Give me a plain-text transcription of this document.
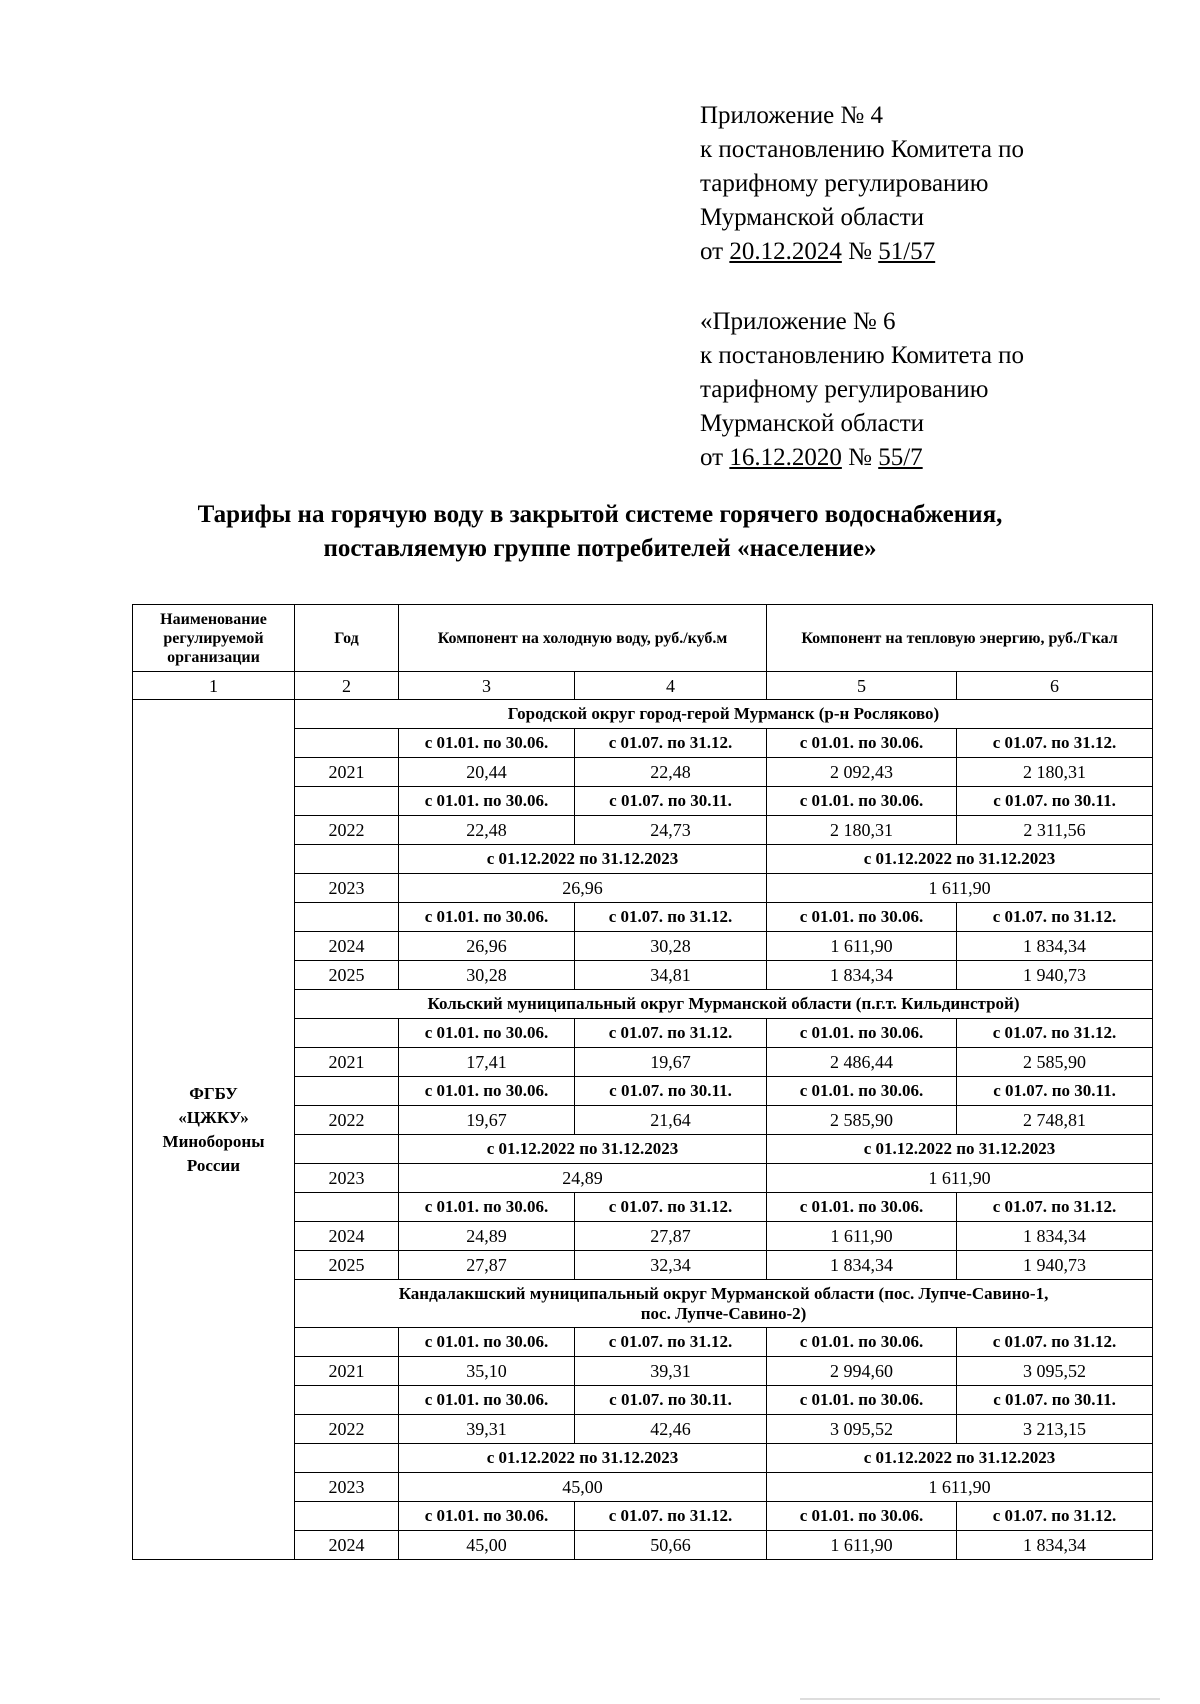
Приложение № 4
к постановлению Комитета по
тарифному регулированию
Мурманской области
от 20.12.2024 № 51/57
«Приложение № 6
к постановлению Комитета по
тарифному регулированию
Мурманской области
от 16.12.2020 № 55/7
Тарифы на горячую воду в закрытой системе горячего водоснабжения,
поставляемую группе потребителей «население»
Наименование регулируемой организации	Год	Компонент на холодную воду, руб./куб.м		Компонент на тепловую энергию, руб./Гкал	
1	2	3	4	5	6

ФГБУ
«ЦЖКУ»
Минобороны
России	Городской округ город-герой Мурманск (р-н Росляково)				
		с 01.01. по 30.06.	с 01.07. по 31.12.	с 01.01. по 30.06.	с 01.07. по 31.12.
	2021	20,44	22,48	2 092,43	2 180,31
		с 01.01. по 30.06.	с 01.07. по 30.11.	с 01.01. по 30.06.	с 01.07. по 30.11.
	2022	22,48	24,73	2 180,31	2 311,56
		с 01.12.2022 по 31.12.2023		с 01.12.2022 по 31.12.2023	
	2023	26,96		1 611,90	
		с 01.01. по 30.06.	с 01.07. по 31.12.	с 01.01. по 30.06.	с 01.07. по 31.12.
	2024	26,96	30,28	1 611,90	1 834,34
	2025	30,28	34,81	1 834,34	1 940,73
	Кольский муниципальный округ Мурманской области (п.г.т. Кильдинстрой)				
		с 01.01. по 30.06.	с 01.07. по 31.12.	с 01.01. по 30.06.	с 01.07. по 31.12.
	2021	17,41	19,67	2 486,44	2 585,90
		с 01.01. по 30.06.	с 01.07. по 30.11.	с 01.01. по 30.06.	с 01.07. по 30.11.
	2022	19,67	21,64	2 585,90	2 748,81
		с 01.12.2022 по 31.12.2023		с 01.12.2022 по 31.12.2023	
	2023	24,89		1 611,90	
		с 01.01. по 30.06.	с 01.07. по 31.12.	с 01.01. по 30.06.	с 01.07. по 31.12.
	2024	24,89	27,87	1 611,90	1 834,34
	2025	27,87	32,34	1 834,34	1 940,73

	Кандалакшский муниципальный округ Мурманской области (пос. Лупче-Савино-1,
пос. Лупче-Савино-2)				

		с 01.01. по 30.06.	с 01.07. по 31.12.	с 01.01. по 30.06.	с 01.07. по 31.12.
	2021	35,10	39,31	2 994,60	3 095,52
		с 01.01. по 30.06.	с 01.07. по 30.11.	с 01.01. по 30.06.	с 01.07. по 30.11.
	2022	39,31	42,46	3 095,52	3 213,15
		с 01.12.2022 по 31.12.2023		с 01.12.2022 по 31.12.2023	
	2023	45,00		1 611,90	
		с 01.01. по 30.06.	с 01.07. по 31.12.	с 01.01. по 30.06.	с 01.07. по 31.12.
	2024	45,00	50,66	1 611,90	1 834,34
